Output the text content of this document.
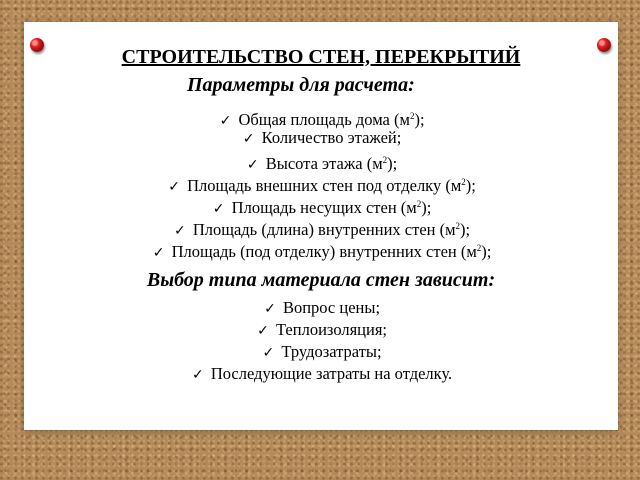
СТРОИТЕЛЬСТВО СТЕН, ПЕРЕКРЫТИЙ
Параметры для расчета:
✓ Общая площадь дома $(м^2)$;
✓ Количество этажей;
✓ Высота этажа $(м^2)$;
✓ Площадь внешних стен под отделку $(м^2)$;
✓ Площадь несущих стен $(м^2)$;
✓ Площадь (длина) внутренних стен $(м^2)$;
✓ Площадь (под отделку) внутренних стен $(м^2)$;
Выбор типа материала стен зависит:
✓ Вопрос цены;
✓ Теплоизоляция;
✓ Трудозатраты;
✓ Последующие затраты на отделку.
